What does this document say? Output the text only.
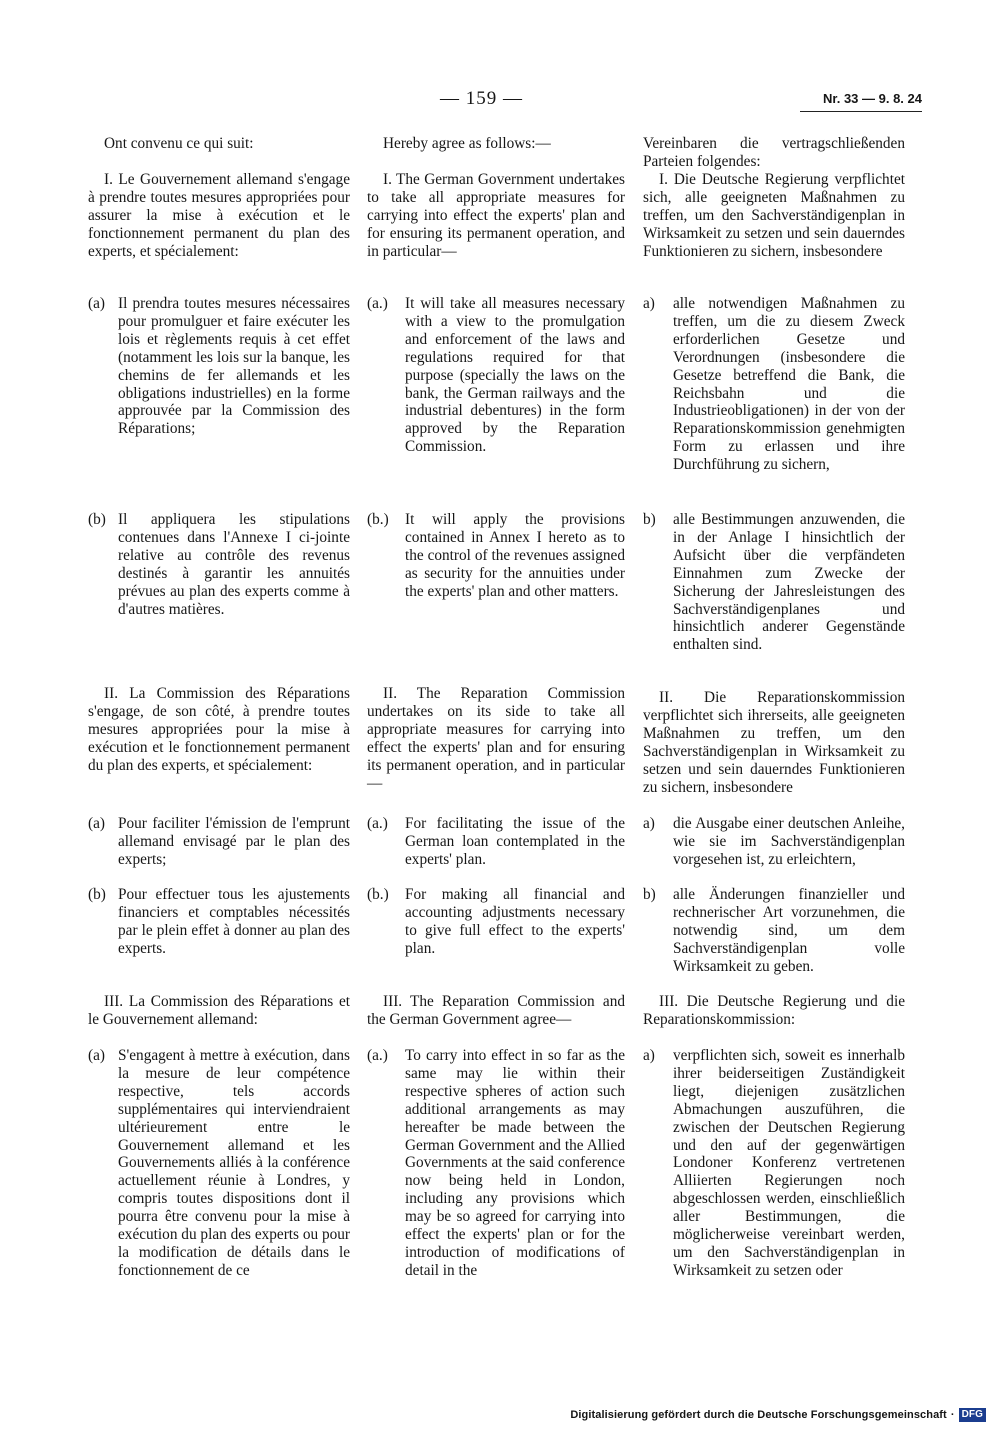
— 159 —	Nr. 33 — 9. 8. 24

Ont convenu ce qui suit:

I. Le Gouvernement allemand s'engage à prendre toutes mesures appropriées pour assurer la mise à exécution et le fonctionnement permanent du plan des experts, et spécialement:

(a) Il prendra toutes mesures nécessaires pour promulguer et faire exécuter les lois et règlements requis à cet effet (notamment les lois sur la banque, les chemins de fer allemands et les obligations industrielles) en la forme approuvée par la Commission des Réparations;
(b) Il appliquera les stipulations contenues dans l'Annexe I ci-jointe relative au contrôle des revenus destinés à garantir les annuités prévues au plan des experts comme à d'autres matières.

II. La Commission des Réparations s'engage, de son côté, à prendre toutes mesures appropriées pour la mise à exécution et le fonctionnement permanent du plan des experts, et spécialement:

(a) Pour faciliter l'émission de l'emprunt allemand envisagé par le plan des experts;
(b) Pour effectuer tous les ajustements financiers et comptables nécessités par le plein effet à donner au plan des experts.

III. La Commission des Réparations et le Gouvernement allemand:

(a) S'engagent à mettre à exécution, dans la mesure de leur compétence respective, tels accords supplémentaires qui interviendraient ultérieurement entre le Gouvernement allemand et les Gouvernements alliés à la conférence actuellement réunie à Londres, y compris toutes dispositions dont il pourra être convenu pour la mise à exécution du plan des experts ou pour la modification de détails dans le fonctionnement de ce

Hereby agree as follows:—

I. The German Government undertakes to take all appropriate measures for carrying into effect the experts' plan and for ensuring its permanent operation, and in particular—

(a.)	It will take all measures necessary with a view to the promulgation and enforcement of the laws and regulations required for that purpose (specially the laws on the bank, the German railways and the industrial debentures) in the form approved by the Reparation Commission.
(b.)	It will apply the provisions contained in Annex I hereto as to the control of the revenues assigned as security for the annuities under the experts' plan and other matters.

II. The Reparation Commission undertakes on its side to take all appropriate measures for carrying into effect the experts' plan and for ensuring its permanent operation, and in particular—

(a.)	For facilitating the issue of the German loan contemplated in the experts' plan.
(b.)	For making all financial and accounting adjustments necessary to give full effect to the experts' plan.

III. The Reparation Commission and the German Government agree—

(a.)	To carry into effect in so far as the same may lie within their respective spheres of action such additional arrangements as may hereafter be made between the German Government and the Allied Governments at the said conference now being held in London, including any provisions which may be so agreed for carrying into effect the experts' plan or for the introduction of modifications of detail in the

Vereinbaren die vertragschließenden Parteien folgendes:

I. Die Deutsche Regierung verpflichtet sich, alle geeigneten Maßnahmen zu treffen, um den Sachverständigenplan in Wirksamkeit zu setzen und sein dauerndes Funktionieren zu sichern, insbesondere

a)	alle notwendigen Maßnahmen zu treffen, um die zu diesem Zweck erforderlichen Gesetze und Verordnungen (insbesondere die Gesetze betreffend die Bank, die Reichsbahn und die Industrieobligationen) in der von der Reparationskommission genehmigten Form zu erlassen und ihre Durchführung zu sichern,
b)	alle Bestimmungen anzuwenden, die in der Anlage I hinsichtlich der Aufsicht über die verpfändeten Einnahmen zum Zwecke der Sicherung der Jahresleistungen des Sachverständigenplanes und hinsichtlich anderer Gegenstände enthalten sind.

II. Die Reparationskommission verpflichtet sich ihrerseits, alle geeigneten Maßnahmen zu treffen, um den Sachverständigenplan in Wirksamkeit zu setzen und sein dauerndes Funktionieren zu sichern, insbesondere

a)	die Ausgabe einer deutschen Anleihe, wie sie im Sachverständigenplan vorgesehen ist, zu erleichtern,
b)	alle Änderungen finanzieller und rechnerischer Art vorzunehmen, die notwendig sind, um dem Sachverständigenplan volle Wirksamkeit zu geben.

III. Die Deutsche Regierung und die Reparationskommission:

a)	verpflichten sich, soweit es innerhalb ihrer beiderseitigen Zuständigkeit liegt, diejenigen zusätzlichen Abmachungen auszuführen, die zwischen der Deutschen Regierung und den auf der gegenwärtigen Londoner Konferenz vertretenen Alliierten Regierungen noch abgeschlossen werden, einschließlich aller Bestimmungen, die möglicherweise vereinbart werden, um den Sachverständigenplan in Wirksamkeit zu setzen oder
Digitalisierung gefördert durch die Deutsche Forschungsgemeinschaft · DFG
